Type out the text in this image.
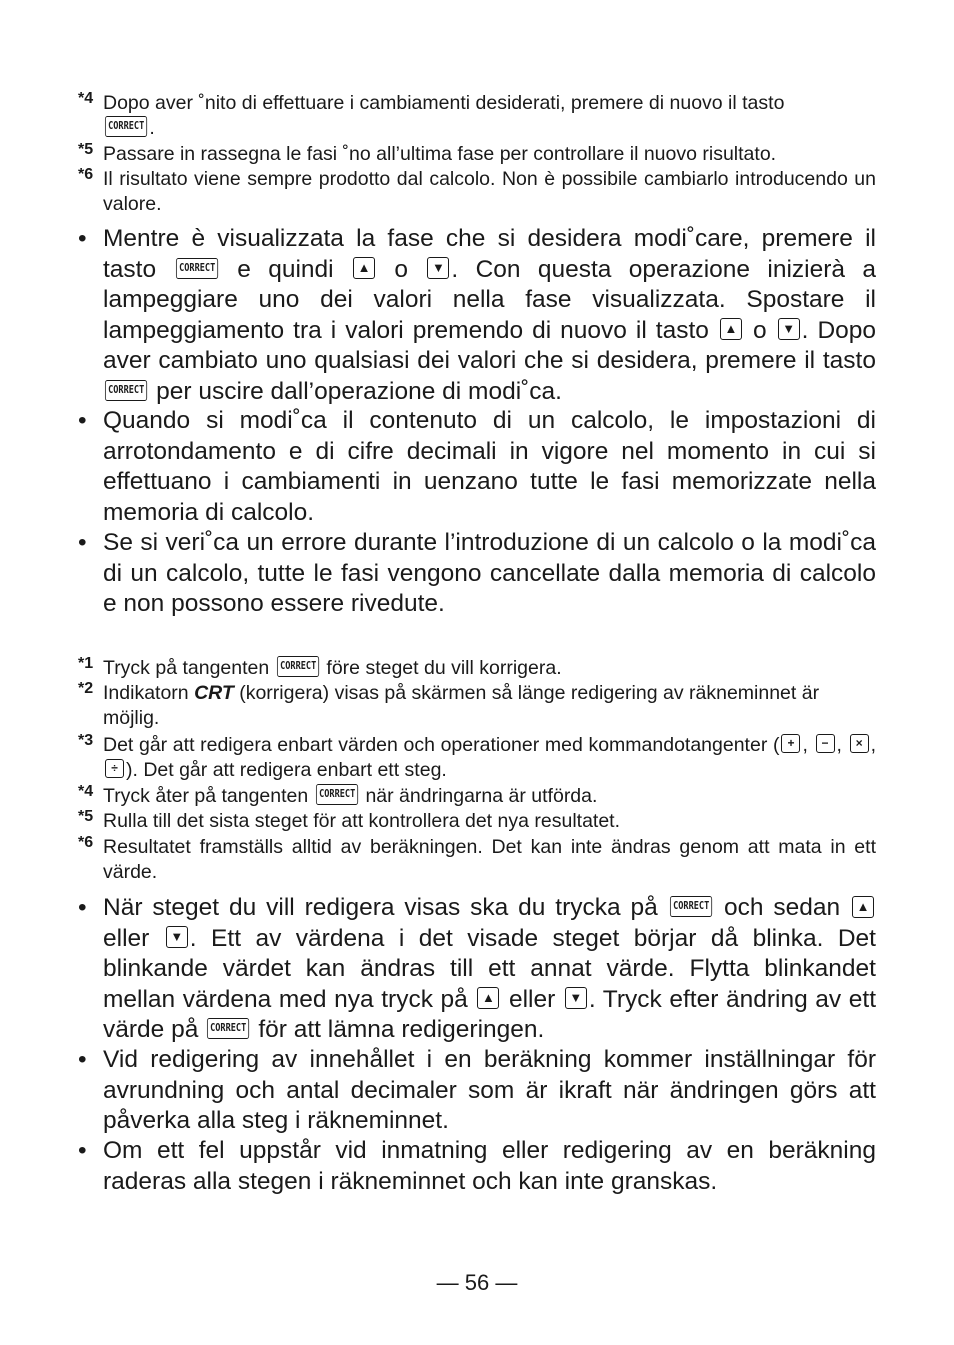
*4 Dopo aver ˚nito di effettuare i cambiamenti desiderati, premere di nuovo il tasto
CORRECT .
*5 Passare in rassegna le fasi ˚no all’ultima fase per controllare il nuovo risultato.
*6 Il risultato viene sempre prodotto dal calcolo. Non è possibile cambiarlo introducendo un valore.
• Mentre è visualizzata la fase che si desidera modi˚care, premere il tasto CORRECT e quindi ▲ o ▼ . Con questa operazione inizierà a lampeggiare uno dei valori nella fase visualizzata. Spostare il lampeggiamento tra i valori premendo di nuovo il tasto ▲ o ▼ . Dopo aver cambiato uno qualsiasi dei valori che si desidera, premere il tasto CORRECT per uscire dall’operazione di modi˚ca.
• Quando si modi˚ca il contenuto di un calcolo, le impostazioni di arrotondamento e di cifre decimali in vigore nel momento in cui si effettuano i cambiamenti in uenzano tutte le fasi memorizzate nella memoria di calcolo.
• Se si veri˚ca un errore durante l’introduzione di un calcolo o la modi˚ca di un calcolo, tutte le fasi vengono cancellate dalla memoria di calcolo e non possono essere rivedute.
*1 Tryck på tangenten CORRECT före steget du vill korrigera.
*2 Indikatorn CRT (korrigera) visas på skärmen så länge redigering av räkneminnet är möjlig.
*3 Det går att redigera enbart värden och operationer med kommandotangenter ( + , − , × , ÷ ). Det går att redigera enbart ett steg.
*4 Tryck åter på tangenten CORRECT när ändringarna är utförda.
*5 Rulla till det sista steget för att kontrollera det nya resultatet.
*6 Resultatet framställs alltid av beräkningen. Det kan inte ändras genom att mata in ett värde.
• När steget du vill redigera visas ska du trycka på CORRECT och sedan ▲ eller ▼ . Ett av värdena i det visade steget börjar då blinka. Det blinkande värdet kan ändras till ett annat värde. Flytta blinkandet mellan värdena med nya tryck på ▲ eller ▼ . Tryck efter ändring av ett värde på CORRECT för att lämna redigeringen.
• Vid redigering av innehållet i en beräkning kommer inställningar för avrundning och antal decimaler som är ikraft när ändringen görs att påverka alla steg i räkneminnet.
• Om ett fel uppstår vid inmatning eller redigering av en beräkning raderas alla stegen i räkneminnet och kan inte granskas.
— 56 —
